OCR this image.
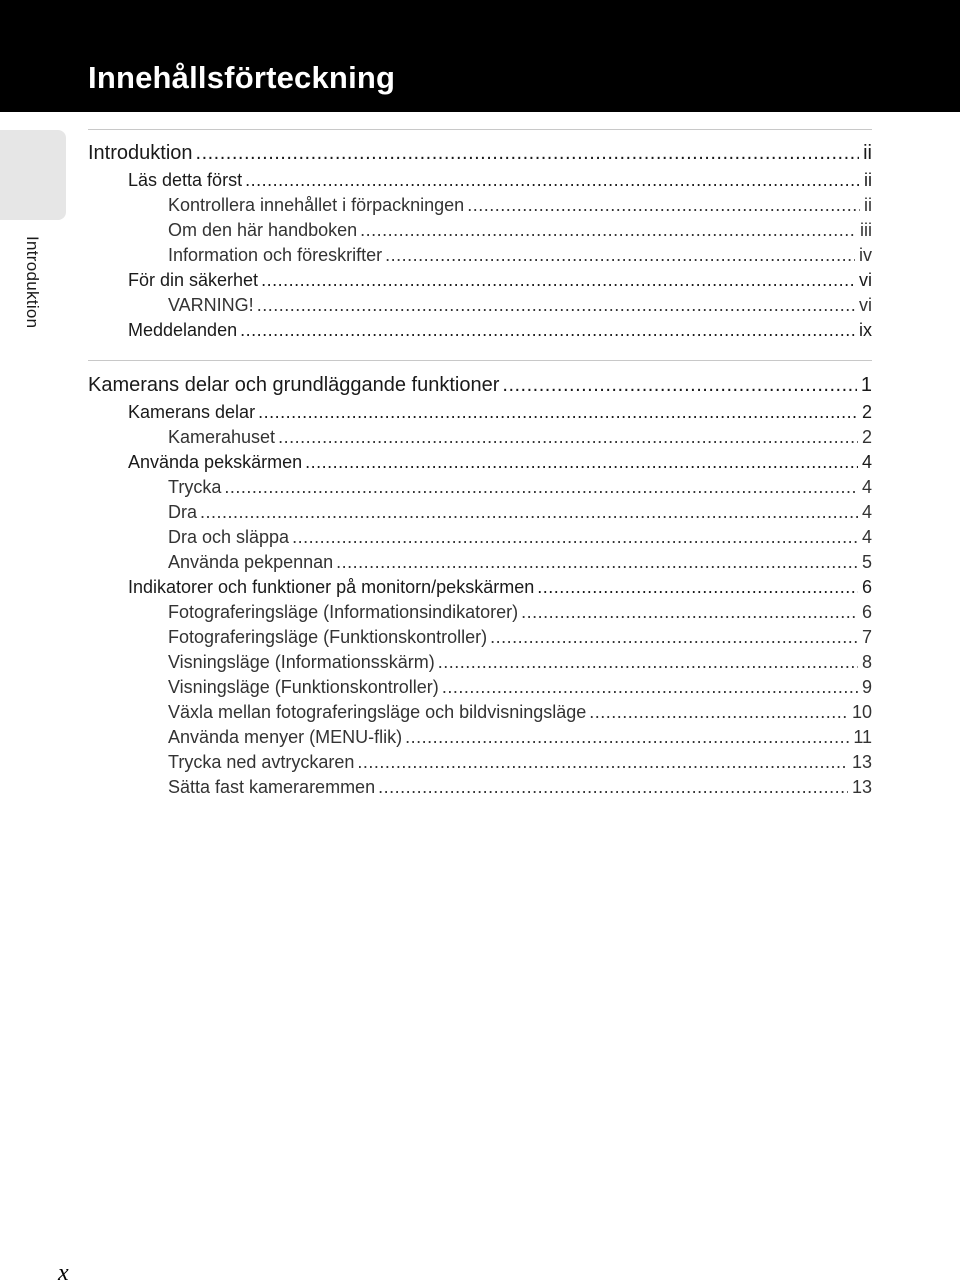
Innehållsförteckning
Introduktion
Introduktion .....	ii
Läs detta först .....	ii
Kontrollera innehållet i förpackningen .....	ii
Om den här handboken .....	iii
Information och föreskrifter .....	iv
För din säkerhet .....	vi
VARNING! .....	vi
Meddelanden .....	ix
Kamerans delar och grundläggande funktioner .....	1
Kamerans delar .....	2
Kamerahuset .....	2
Använda pekskärmen .....	4
Trycka .....	4
Dra .....	4
Dra och släppa .....	4
Använda pekpennan .....	5
Indikatorer och funktioner på monitorn/pekskärmen .....	6
Fotograferingsläge (Informationsindikatorer) .....	6
Fotograferingsläge (Funktionskontroller) .....	7
Visningsläge (Informationsskärm) .....	8
Visningsläge (Funktionskontroller) .....	9
Växla mellan fotograferingsläge och bildvisningsläge .....	10
Använda menyer (MENU-flik) .....	11
Trycka ned avtryckaren .....	13
Sätta fast kameraremmen .....	13
x
